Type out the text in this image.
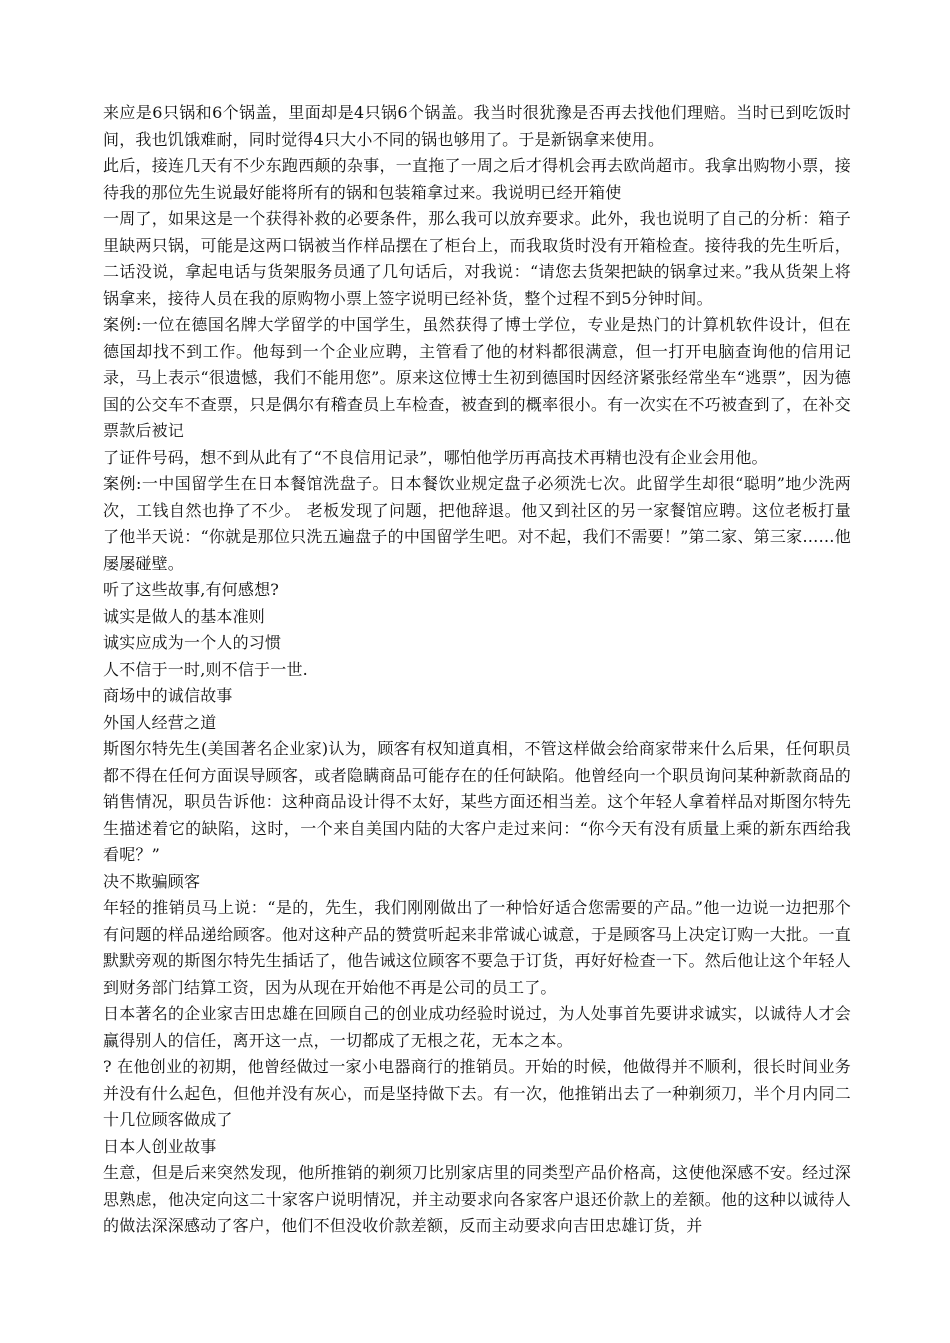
来应是6只锅和6个锅盖，里面却是4只锅6个锅盖。我当时很犹豫是否再去找他们理赔。当时已到吃饭时间，我也饥饿难耐，同时觉得4只大小不同的锅也够用了。于是新锅拿来使用。

此后，接连几天有不少东跑西颠的杂事，一直拖了一周之后才得机会再去欧尚超市。我拿出购物小票，接待我的那位先生说最好能将所有的锅和包装箱拿过来。我说明已经开箱使

一周了，如果这是一个获得补救的必要条件，那么我可以放弃要求。此外，我也说明了自己的分析：箱子里缺两只锅，可能是这两口锅被当作样品摆在了柜台上，而我取货时没有开箱检查。接待我的先生听后，二话没说，拿起电话与货架服务员通了几句话后，对我说：“请您去货架把缺的锅拿过来。”我从货架上将锅拿来，接待人员在我的原购物小票上签字说明已经补货，整个过程不到5分钟时间。

案例:一位在德国名牌大学留学的中国学生，虽然获得了博士学位，专业是热门的计算机软件设计，但在德国却找不到工作。他每到一个企业应聘，主管看了他的材料都很满意，但一打开电脑查询他的信用记录，马上表示“很遗憾，我们不能用您”。原来这位博士生初到德国时因经济紧张经常坐车“逃票”，因为德国的公交车不查票，只是偶尔有稽查员上车检查，被查到的概率很小。有一次实在不巧被查到了，在补交票款后被记

了证件号码，想不到从此有了“不良信用记录”，哪怕他学历再高技术再精也没有企业会用他。

案例:一中国留学生在日本餐馆洗盘子。日本餐饮业规定盘子必须洗七次。此留学生却很“聪明”地少洗两次，工钱自然也挣了不少。 老板发现了问题，把他辞退。他又到社区的另一家餐馆应聘。这位老板打量了他半天说：“你就是那位只洗五遍盘子的中国留学生吧。对不起，我们不需要！”第二家、第三家……他屡屡碰壁。

听了这些故事,有何感想?

诚实是做人的基本准则

诚实应成为一个人的习惯

人不信于一时,则不信于一世.

商场中的诚信故事

外国人经营之道

斯图尔特先生(美国著名企业家)认为，顾客有权知道真相，不管这样做会给商家带来什么后果，任何职员都不得在任何方面误导顾客，或者隐瞒商品可能存在的任何缺陷。他曾经向一个职员询问某种新款商品的销售情况，职员告诉他：这种商品设计得不太好，某些方面还相当差。这个年轻人拿着样品对斯图尔特先生描述着它的缺陷，这时，一个来自美国内陆的大客户走过来问：“你今天有没有质量上乘的新东西给我看呢？”

决不欺骗顾客

年轻的推销员马上说：“是的，先生，我们刚刚做出了一种恰好适合您需要的产品。”他一边说一边把那个有问题的样品递给顾客。他对这种产品的赞赏听起来非常诚心诚意，于是顾客马上决定订购一大批。一直默默旁观的斯图尔特先生插话了，他告诫这位顾客不要急于订货，再好好检查一下。然后他让这个年轻人到财务部门结算工资，因为从现在开始他不再是公司的员工了。

日本著名的企业家吉田忠雄在回顾自己的创业成功经验时说过，为人处事首先要讲求诚实，以诚待人才会赢得别人的信任，离开这一点，一切都成了无根之花，无本之本。

? 在他创业的初期，他曾经做过一家小电器商行的推销员。开始的时候，他做得并不顺利，很长时间业务并没有什么起色，但他并没有灰心，而是坚持做下去。有一次，他推销出去了一种剃须刀，半个月内同二十几位顾客做成了

日本人创业故事

生意，但是后来突然发现，他所推销的剃须刀比别家店里的同类型产品价格高，这使他深感不安。经过深思熟虑，他决定向这二十家客户说明情况，并主动要求向各家客户退还价款上的差额。他的这种以诚待人的做法深深感动了客户，他们不但没收价款差额，反而主动要求向吉田忠雄订货，并
